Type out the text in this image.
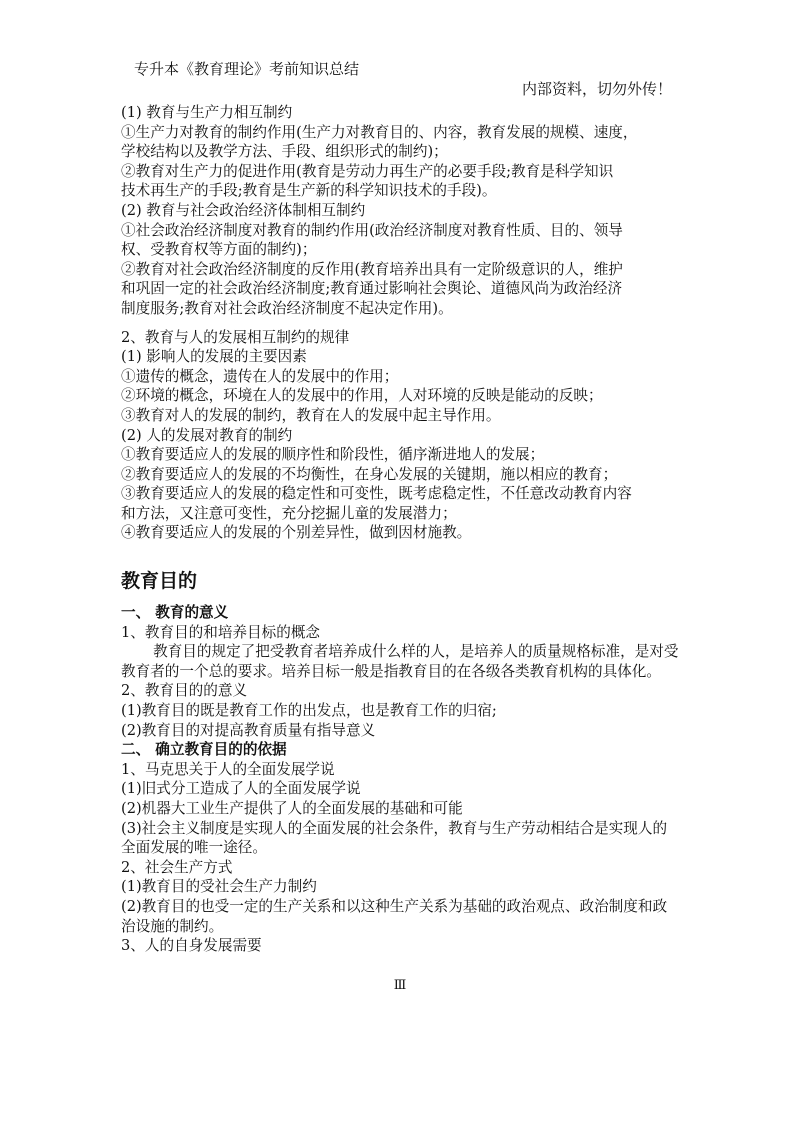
专升本《教育理论》考前知识总结
内部资料，切勿外传！
(1) 教育与生产力相互制约
①生产力对教育的制约作用(生产力对教育目的、内容，教育发展的规模、速度，
学校结构以及教学方法、手段、组织形式的制约)；
②教育对生产力的促进作用(教育是劳动力再生产的必要手段;教育是科学知识
技术再生产的手段;教育是生产新的科学知识技术的手段)。
(2) 教育与社会政治经济体制相互制约
①社会政治经济制度对教育的制约作用(政治经济制度对教育性质、目的、领导
权、受教育权等方面的制约)；
②教育对社会政治经济制度的反作用(教育培养出具有一定阶级意识的人，维护
和巩固一定的社会政治经济制度;教育通过影响社会舆论、道德风尚为政治经济
制度服务;教育对社会政治经济制度不起决定作用)。
2、教育与人的发展相互制约的规律
(1) 影响人的发展的主要因素
①遗传的概念，遗传在人的发展中的作用；
②环境的概念，环境在人的发展中的作用，人对环境的反映是能动的反映；
③教育对人的发展的制约，教育在人的发展中起主导作用。
(2) 人的发展对教育的制约
①教育要适应人的发展的顺序性和阶段性，循序渐进地人的发展；
②教育要适应人的发展的不均衡性，在身心发展的关键期，施以相应的教育；
③教育要适应人的发展的稳定性和可变性，既考虑稳定性，不任意改动教育内容
和方法，又注意可变性，充分挖掘儿童的发展潜力；
④教育要适应人的发展的个别差异性，做到因材施教。
教育目的
一、 教育的意义
1、教育目的和培养目标的概念
教育目的规定了把受教育者培养成什么样的人，是培养人的质量规格标准，是对受教育者的一个总的要求。培养目标一般是指教育目的在各级各类教育机构的具体化。
2、教育目的的意义
(1)教育目的既是教育工作的出发点，也是教育工作的归宿;
(2)教育目的对提高教育质量有指导意义
二、 确立教育目的的依据
1、马克思关于人的全面发展学说
(1)旧式分工造成了人的全面发展学说
(2)机器大工业生产提供了人的全面发展的基础和可能
(3)社会主义制度是实现人的全面发展的社会条件，教育与生产劳动相结合是实现人的全面发展的唯一途径。
2、社会生产方式
(1)教育目的受社会生产力制约
(2)教育目的也受一定的生产关系和以这种生产关系为基础的政治观点、政治制度和政治设施的制约。
3、人的自身发展需要
Ⅲ
